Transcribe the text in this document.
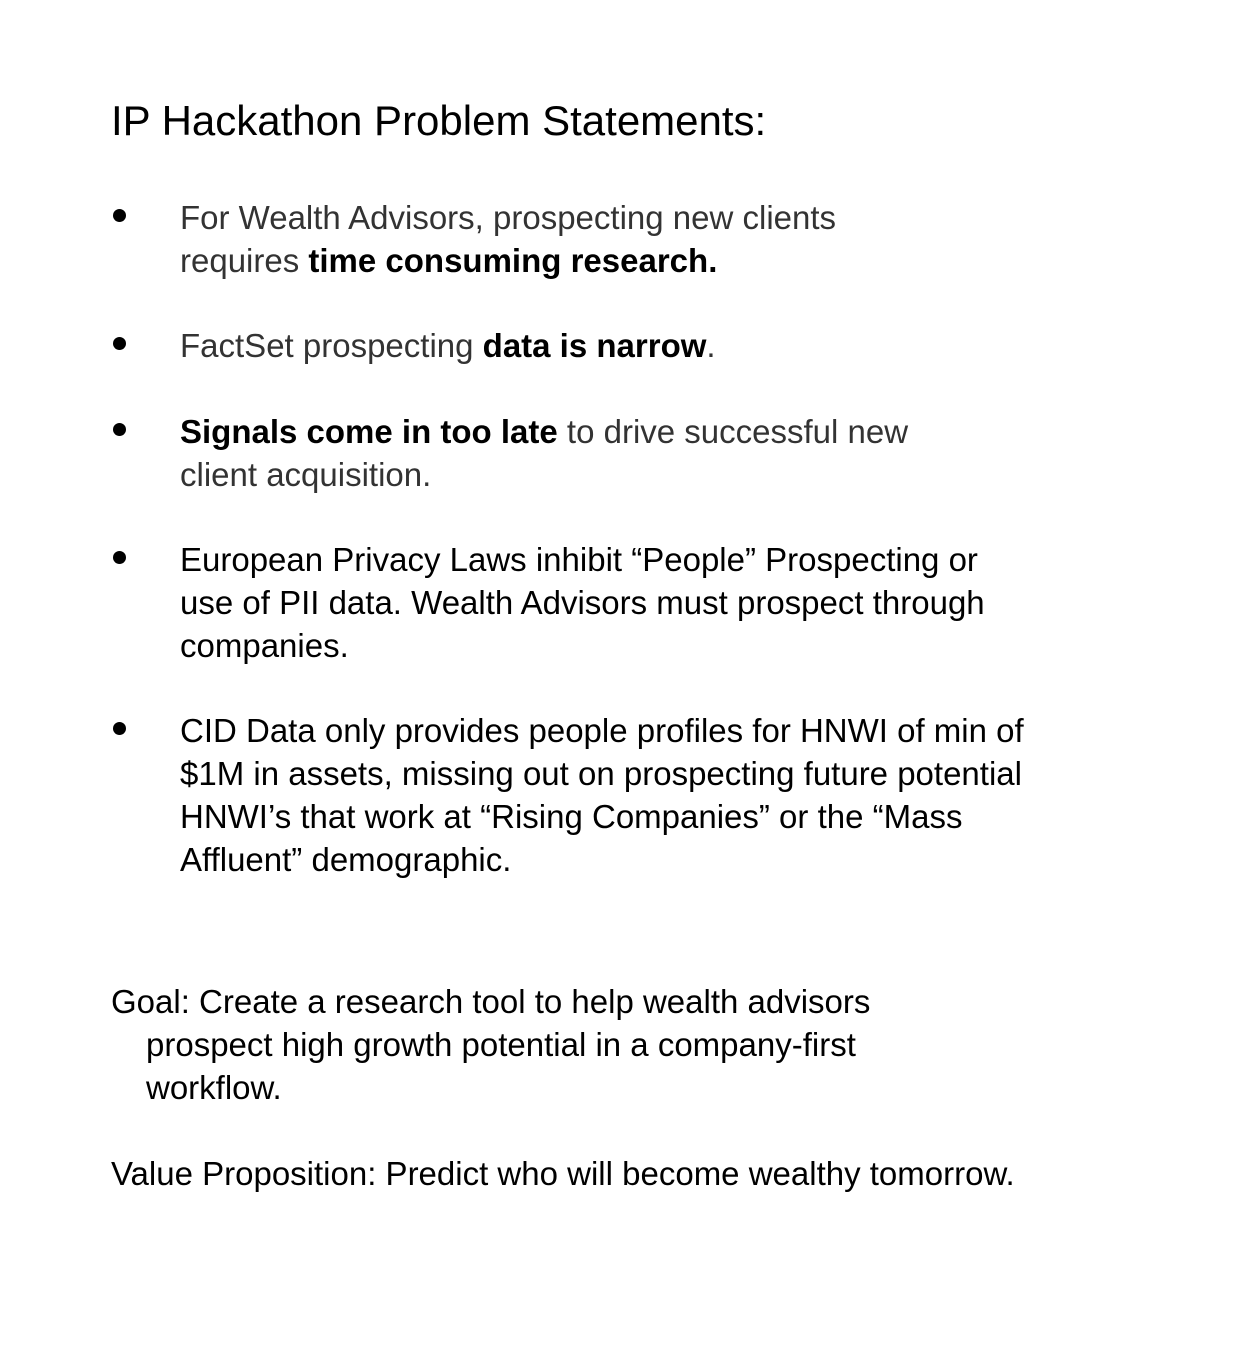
IP Hackathon Problem Statements:
For Wealth Advisors, prospecting new clients requires time consuming research.
FactSet prospecting data is narrow.
Signals come in too late to drive successful new client acquisition.
European Privacy Laws inhibit “People” Prospecting or use of PII data. Wealth Advisors must prospect through companies.
CID Data only provides people profiles for HNWI of min of $1M in assets, missing out on prospecting future potential HNWI’s that work at “Rising Companies” or the “Mass Affluent” demographic.

Goal: Create a research tool to help wealth advisors prospect high growth potential in a company-first workflow.

Value Proposition: Predict who will become wealthy tomorrow.
